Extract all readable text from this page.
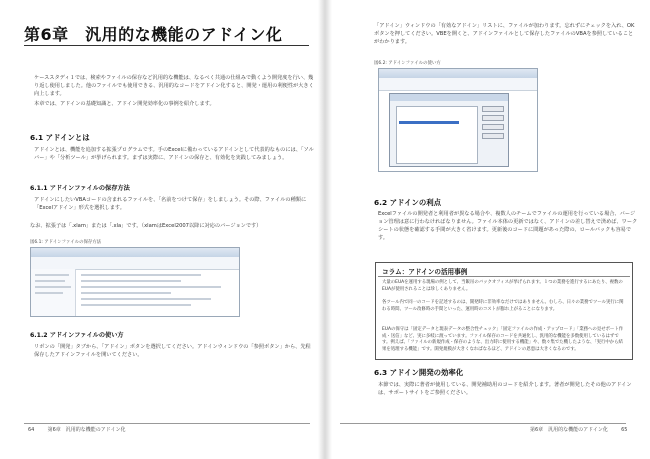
第6章　汎用的な機能のアドイン化
ケーススタディ１では、検索やファイルの保存など汎用的な機能は、なるべく共通の仕組みで動くよう開発度を行い、幾り返し使用しました。他のファイルでも使用できる、汎用的なコードをアドイン化すると、開発・運用の利便性が大きく向上します。
本章では、アドインの基礎知識と、アドイン開発効率化の事例を紹介します。
6.1 アドインとは
アドインとは、機能を追加する拡張プログラムです。手のExcelに備わっているアドインとして代表的なものには、「ソルバー」や「分析ツール」が挙げられます。まずは実際に、アドインの保存と、有効化を実践してみましょう。
6.1.1 アドインファイルの保存方法
アドインにしたいVBAコードの含まれるファイルを、「名前をつけて保存」をしましょう。その際、ファイルの種類に「Excelアドイン」形式を選択します。
なお、拡張子は「.xlam」または「.xla」です。（xlamはExcel2007以降に対応のバージョンです）
図6.1: アドインファイルの保存方法
6.1.2 アドインファイルの使い方
リボンの「開発」タブから、「アドイン」ボタンを選択してください。アドインウィンドウの「参照ボタン」から、先程保存したアドインファイルを開いてください。
64	第6章　汎用的な機能のアドイン化
「アドイン」ウィンドウの「有効なアドイン」リストに、ファイルが加わります。忘れずにチェックを入れ、OKボタンを押してください。VBEを開くと、アドインファイルとして保存したファイルのVBAを参照していることがわかります。
図6.2: アドインファイルの使い方
6.2 アドインの利点
Excelファイルの開発者と利用者が異なる場合や、複数人のチームでファイルの運用を行っている場合、バージョン管理は意に行わなければなりません。ファイル本体の更新ではなく、アドインの差し替えで済めば、ワークシートの状態を確認する手間が大きく省けます。更新後のコードに問題があった際の、ロールバックも容易です。
コラム：アドインの活用事例
大量のEUAを運用する現場の例として、当飯吊のバックオフィスが挙げられます。１つの業務を進行するにあたり、複数のEUAが使用されることは珍しくありません。
各ツール内で同一のコードを記述するのは、開発時に非効率なだけではありません。むしろ、日々の業務でツール実行に関わる時間、ツール改修時の手間といった、運用時のコストが膨れ上がることになります。
EUAの保守は「固定データと現表データの整合性チェック」「固定ファイルの作成・アップロード」「業務への見せポート作成・送信」など、実に多岐に渡っています。ファイル保存のコードを共通化し、汎用的な機能を多数使用しているはずです。例えば、「ファイルの新規作成・保存のような、出力時に使用する機能」や、数々集でた機したような、「実行中から結果を処理する機能」です。開発規模が大きくなればなるほど、アドインの恩恵は大きくなるのです。
6.3 アドイン開発の効率化
本節では、実際に著者が使用している、開発補助用のコードを紹介します。著者が開発したその他のアドインは、サポートサイトをご参照ください。
第6章　汎用的な機能のアドイン化	65
